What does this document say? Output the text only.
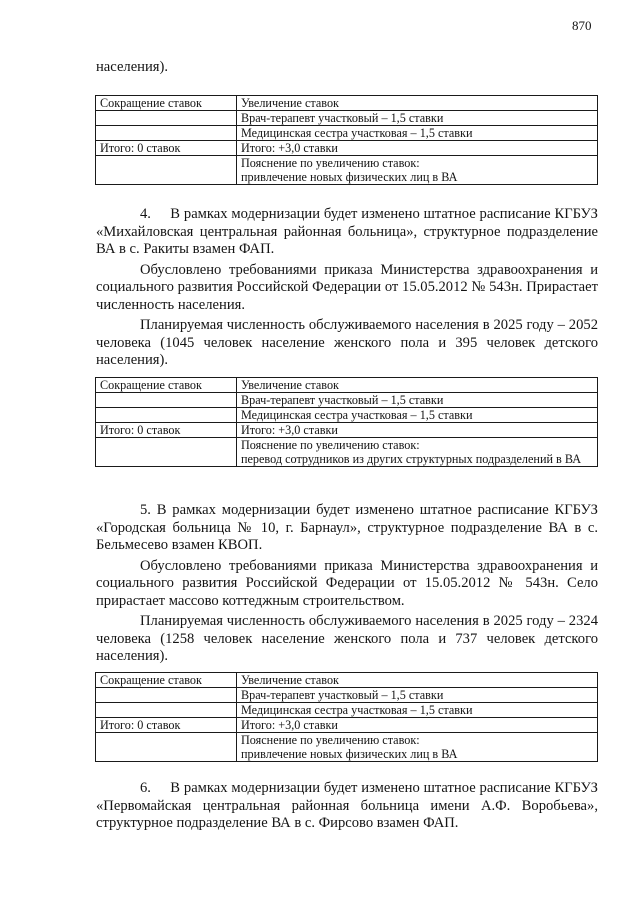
870

населения).

Сокращение ставок	Увеличение ставок
	Врач-терапевт участковый – 1,5 ставки
	Медицинская сестра участковая – 1,5 ставки
Итого: 0 ставок	Итого: +3,0 ставки

	Пояснение по увеличению ставок:
привлечение новых физических лиц в ВА

4.     В рамках модернизации будет изменено штатное расписание КГБУЗ «Михайловская центральная районная больница», структурное подразделение ВА в с. Ракиты взамен ФАП.

Обусловлено требованиями приказа Министерства здравоохранения и социального развития Российской Федерации от 15.05.2012 № 543н. Прирастает численность населения.

Планируемая численность обслуживаемого населения в 2025 году – 2052 человека (1045 человек население женского пола и 395 человек детского населения).

Сокращение ставок	Увеличение ставок
	Врач-терапевт участковый – 1,5 ставки
	Медицинская сестра участковая – 1,5 ставки
Итого: 0 ставок	Итого: +3,0 ставки

	Пояснение по увеличению ставок:
перевод сотрудников из других структурных подразделений в ВА

5. В рамках модернизации будет изменено штатное расписание КГБУЗ «Городская больница № 10, г. Барнаул», структурное подразделение ВА в с. Бельмесево взамен КВОП.

Обусловлено требованиями приказа Министерства здравоохранения и социального развития Российской Федерации от 15.05.2012 № 543н. Село прирастает массово коттеджным строительством.

Планируемая численность обслуживаемого населения в 2025 году – 2324 человека (1258 человек население женского пола и 737 человек детского населения).

Сокращение ставок	Увеличение ставок
	Врач-терапевт участковый – 1,5 ставки
	Медицинская сестра участковая – 1,5 ставки
Итого: 0 ставок	Итого: +3,0 ставки

	Пояснение по увеличению ставок:
привлечение новых физических лиц в ВА

6.     В рамках модернизации будет изменено штатное расписание КГБУЗ «Первомайская центральная районная больница имени А.Ф. Воробьева», структурное подразделение ВА в с. Фирсово взамен ФАП.
